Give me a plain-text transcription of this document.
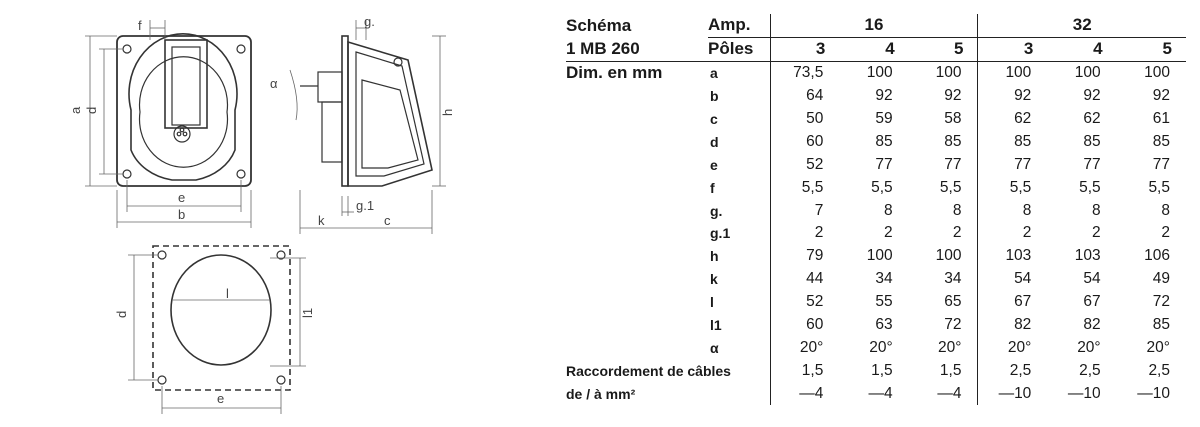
f
a d
e
b
g.
α
h
g.1
k	c
d
l
l1
e
Schéma	Amp.	16			32		
1 MB 260	Pôles	3	4	5	3	4	5
Dim. en mm	a	73,5	100	100	100	100	100
	b	64	92	92	92	92	92
	c	50	59	58	62	62	61
	d	60	85	85	85	85	85
	e	52	77	77	77	77	77
	f	5,5	5,5	5,5	5,5	5,5	5,5
	g.	7	8	8	8	8	8
	g.1	2	2	2	2	2	2
	h	79	100	100	103	103	106
	k	44	34	34	54	54	49
	l	52	55	65	67	67	72
	l1	60	63	72	82	82	85
	α	20°	20°	20°	20°	20°	20°
Raccordement de câbles		1,5	1,5	1,5	2,5	2,5	2,5
de / à mm²		—4	—4	—4	—10	—10	—10
